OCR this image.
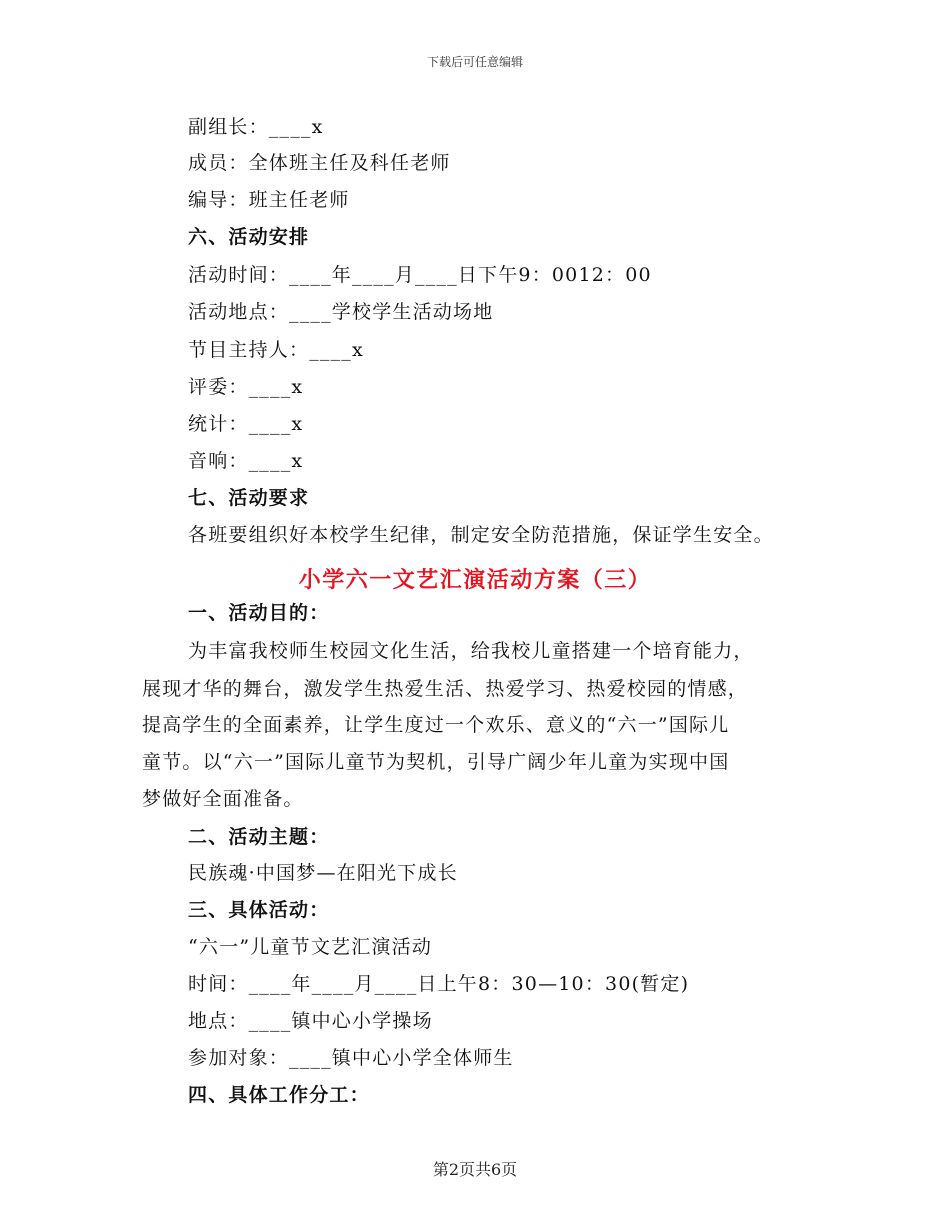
下载后可任意编辑
副组长：____x
成员：全体班主任及科任老师
编导：班主任老师
六、活动安排
活动时间：____年____月____日下午9：0012：00
活动地点：____学校学生活动场地
节目主持人：____x
评委：____x
统计：____x
音响：____x
七、活动要求
各班要组织好本校学生纪律，制定安全防范措施，保证学生安全。
小学六一文艺汇演活动方案（三）
一、活动目的：
为丰富我校师生校园文化生活，给我校儿童搭建一个培育能力，
展现才华的舞台，激发学生热爱生活、热爱学习、热爱校园的情感，
提高学生的全面素养，让学生度过一个欢乐、意义的“六一”国际儿
童节。以“六一”国际儿童节为契机，引导广阔少年儿童为实现中国
梦做好全面准备。
二、活动主题：
民族魂·中国梦—在阳光下成长
三、具体活动：
“六一”儿童节文艺汇演活动
时间：____年____月____日上午8：30—10：30(暂定)
地点：____镇中心小学操场
参加对象：____镇中心小学全体师生
四、具体工作分工：
第2页共6页
